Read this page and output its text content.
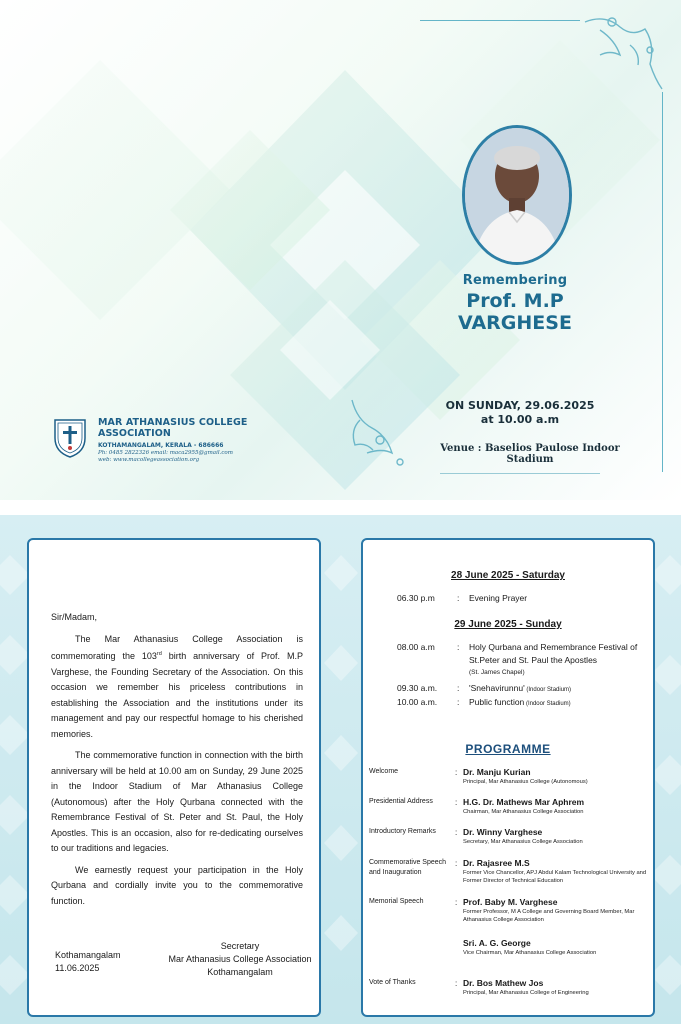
Remembering
Prof. M.P VARGHESE
ON SUNDAY, 29.06.2025
at 10.00 a.m
Venue : Baselios Paulose Indoor Stadium
MAR ATHANASIUS COLLEGE ASSOCIATION
KOTHAMANGALAM, KERALA - 686666
Ph: 0485 2822326 email: maca2955@gmail.com
web: www.macollegeassociation.org

Sir/Madam,

The Mar Athanasius College Association is commemorating the 103rd birth anniversary of Prof. M.P Varghese, the Founding Secretary of the Association. On this occasion we remember his priceless contributions in establishing the Association and the institutions under its management and pay our respectful homage to his cherished memories.

The commemorative function in connection with the birth anniversary will be held at 10.00 am on Sunday, 29 June 2025 in the Indoor Stadium of Mar Athanasius College (Autonomous) after the Holy Qurbana connected with the Remembrance Festival of St. Peter and St. Paul, the Holy Apostles. This is an occasion, also for re-dedicating ourselves to our traditions and legacies.

We earnestly request your participation in the Holy Qurbana and cordially invite you to the commemorative function.

Kothamangalam
11.06.2025
Secretary
Mar Athanasius College Association
Kothamangalam
28 June 2025 - Saturday
06.30 p.m	:	Evening Prayer
29 June 2025 - Sunday
08.00 a.m	:	Holy Qurbana and Remembrance Festival of St.Peter and St. Paul the Apostles
(St. James Chapel)
09.30 a.m.	:	'Snehavirunnu' (Indoor Stadium)
10.00 a.m.	:	Public function (Indoor Stadium)
PROGRAMME
Welcome	: Dr. Manju Kurian
Principal, Mar Athanasius College (Autonomous)
Presidential Address	: H.G. Dr. Mathews Mar Aphrem
Chairman, Mar Athanasius College Association
Introductory Remarks	: Dr. Winny Varghese
Secretary, Mar Athanasius College Association
Commemorative Speech and Inauguration
: Dr. Rajasree M.S
Former Vice Chancellor, APJ Abdul Kalam Technological University and Former Director of Technical Education
Memorial Speech	: Prof. Baby M. Varghese
Former Professor, M A College and Governing Board Member, Mar Athanasius College Association
Sri. A. G. George
Vice Chairman, Mar Athanasius College Association
Vote of Thanks	: Dr. Bos Mathew Jos
Principal, Mar Athanasius College of Engineering
